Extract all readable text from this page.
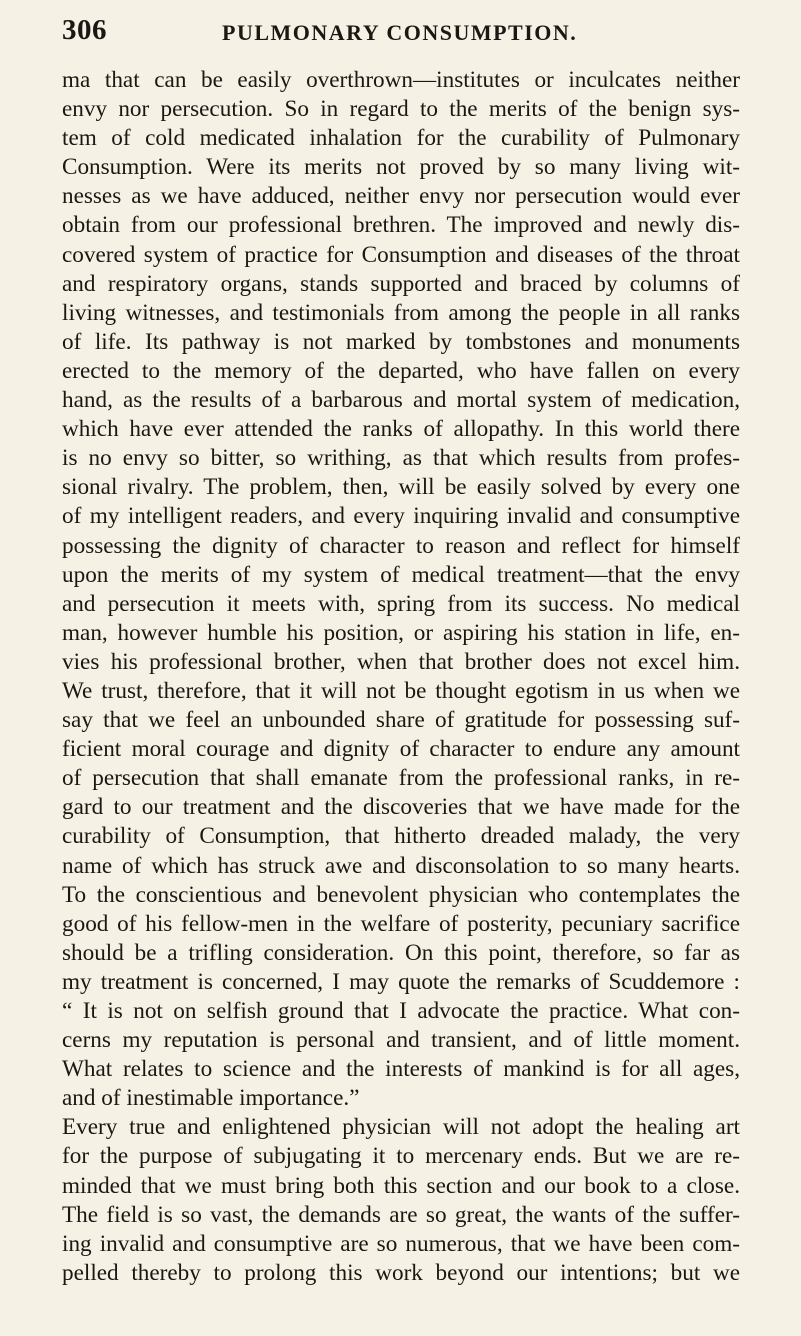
306	PULMONARY CONSUMPTION.
ma that can be easily overthrown—institutes or inculcates neither
envy nor persecution. So in regard to the merits of the benign sys-
tem of cold medicated inhalation for the curability of Pulmonary
Consumption. Were its merits not proved by so many living wit-
nesses as we have adduced, neither envy nor persecution would ever
obtain from our professional brethren. The improved and newly dis-
covered system of practice for Consumption and diseases of the throat
and respiratory organs, stands supported and braced by columns of
living witnesses, and testimonials from among the people in all ranks
of life. Its pathway is not marked by tombstones and monuments
erected to the memory of the departed, who have fallen on every
hand, as the results of a barbarous and mortal system of medication,
which have ever attended the ranks of allopathy. In this world there
is no envy so bitter, so writhing, as that which results from profes-
sional rivalry. The problem, then, will be easily solved by every one
of my intelligent readers, and every inquiring invalid and consumptive
possessing the dignity of character to reason and reflect for himself
upon the merits of my system of medical treatment—that the envy
and persecution it meets with, spring from its success. No medical
man, however humble his position, or aspiring his station in life, en-
vies his professional brother, when that brother does not excel him.
We trust, therefore, that it will not be thought egotism in us when we
say that we feel an unbounded share of gratitude for possessing suf-
ficient moral courage and dignity of character to endure any amount
of persecution that shall emanate from the professional ranks, in re-
gard to our treatment and the discoveries that we have made for the
curability of Consumption, that hitherto dreaded malady, the very
name of which has struck awe and disconsolation to so many hearts.
To the conscientious and benevolent physician who contemplates the
good of his fellow-men in the welfare of posterity, pecuniary sacrifice
should be a trifling consideration. On this point, therefore, so far as
my treatment is concerned, I may quote the remarks of Scuddemore :
“ It is not on selfish ground that I advocate the practice. What con-
cerns my reputation is personal and transient, and of little moment.
What relates to science and the interests of mankind is for all ages,
and of inestimable importance.”
Every true and enlightened physician will not adopt the healing art
for the purpose of subjugating it to mercenary ends. But we are re-
minded that we must bring both this section and our book to a close.
The field is so vast, the demands are so great, the wants of the suffer-
ing invalid and consumptive are so numerous, that we have been com-
pelled thereby to prolong this work beyond our intentions; but we
